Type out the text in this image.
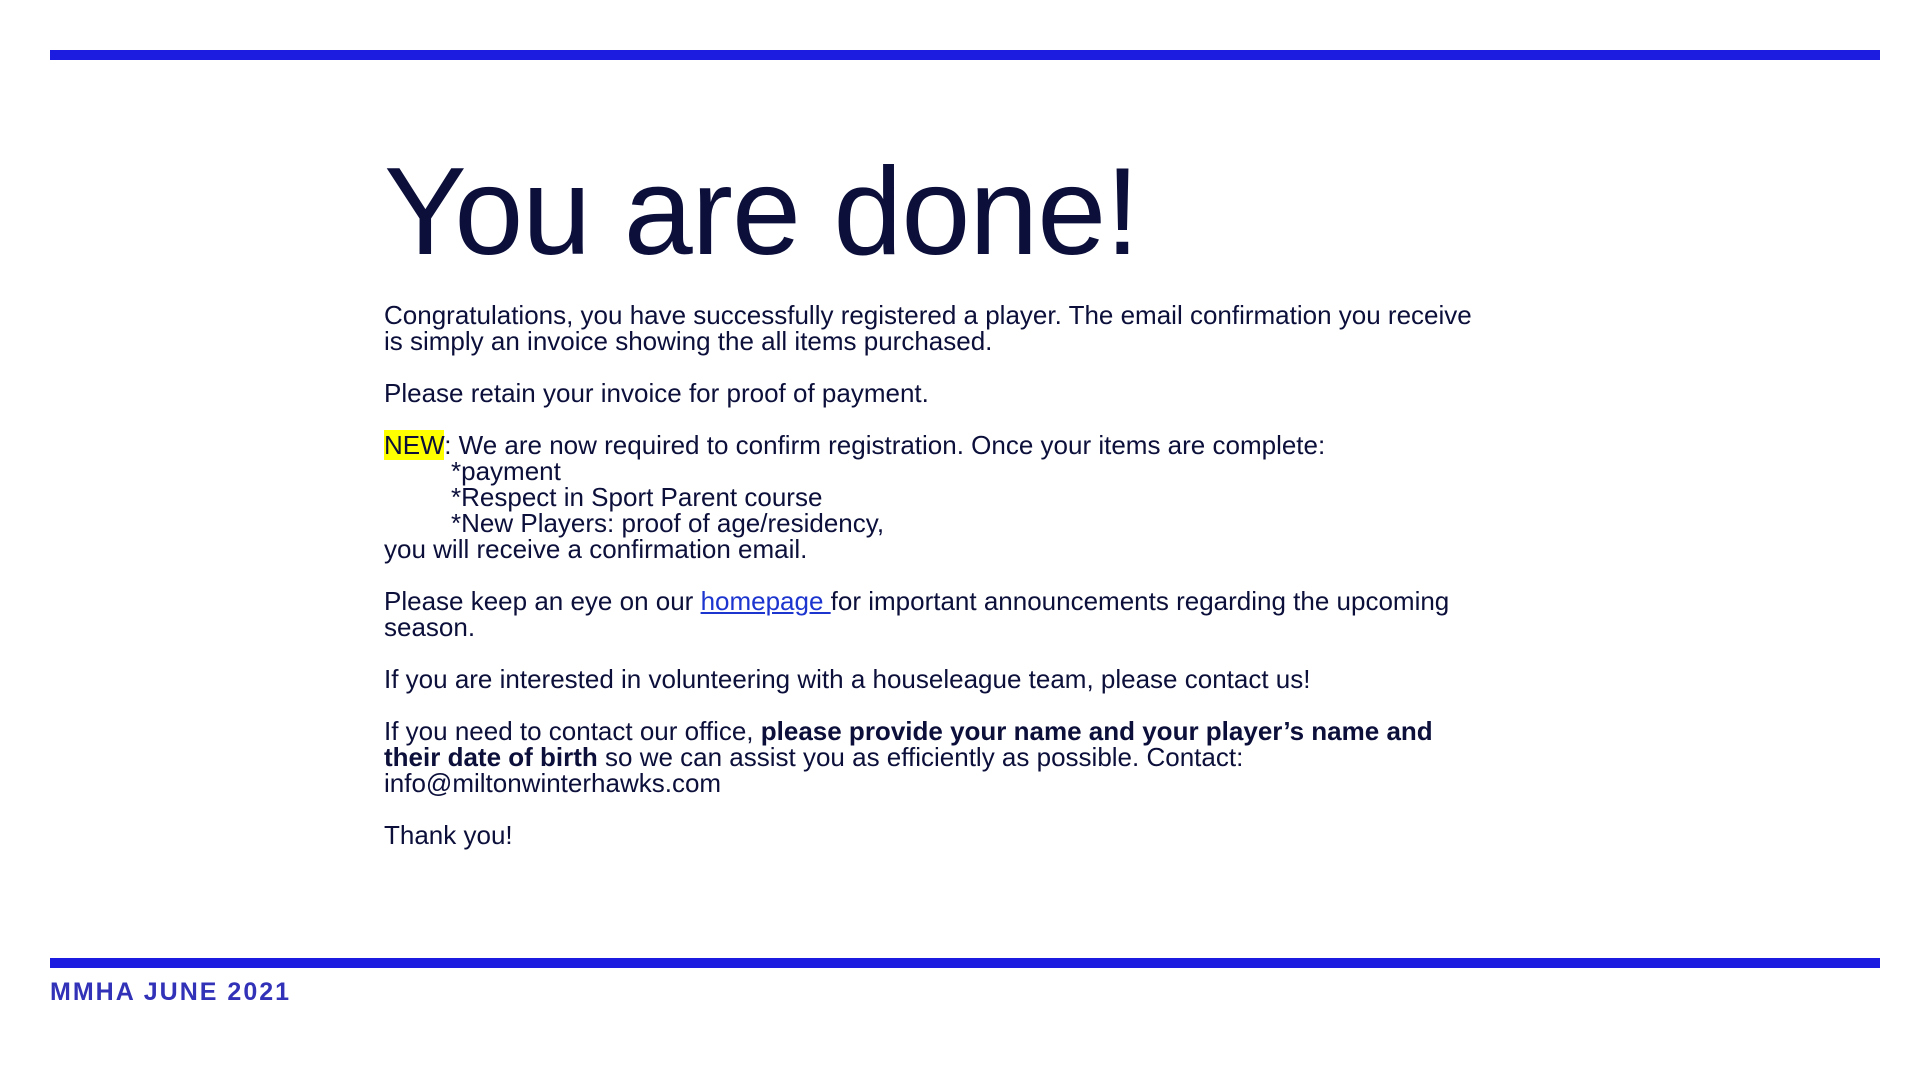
You are done!

Congratulations, you have successfully registered a player. The email confirmation you receive is simply an invoice showing the all items purchased.

Please retain your invoice for proof of payment.

NEW: We are now required to confirm registration. Once your items are complete:
*payment
*Respect in Sport Parent course
*New Players: proof of age/residency,
you will receive a confirmation email.

Please keep an eye on our homepage for important announcements regarding the upcoming season.

If you are interested in volunteering with a houseleague team, please contact us!

If you need to contact our office, please provide your name and your player’s name and their date of birth so we can assist you as efficiently as possible. Contact: info@miltonwinterhawks.com

Thank you!

MMHA JUNE 2021
